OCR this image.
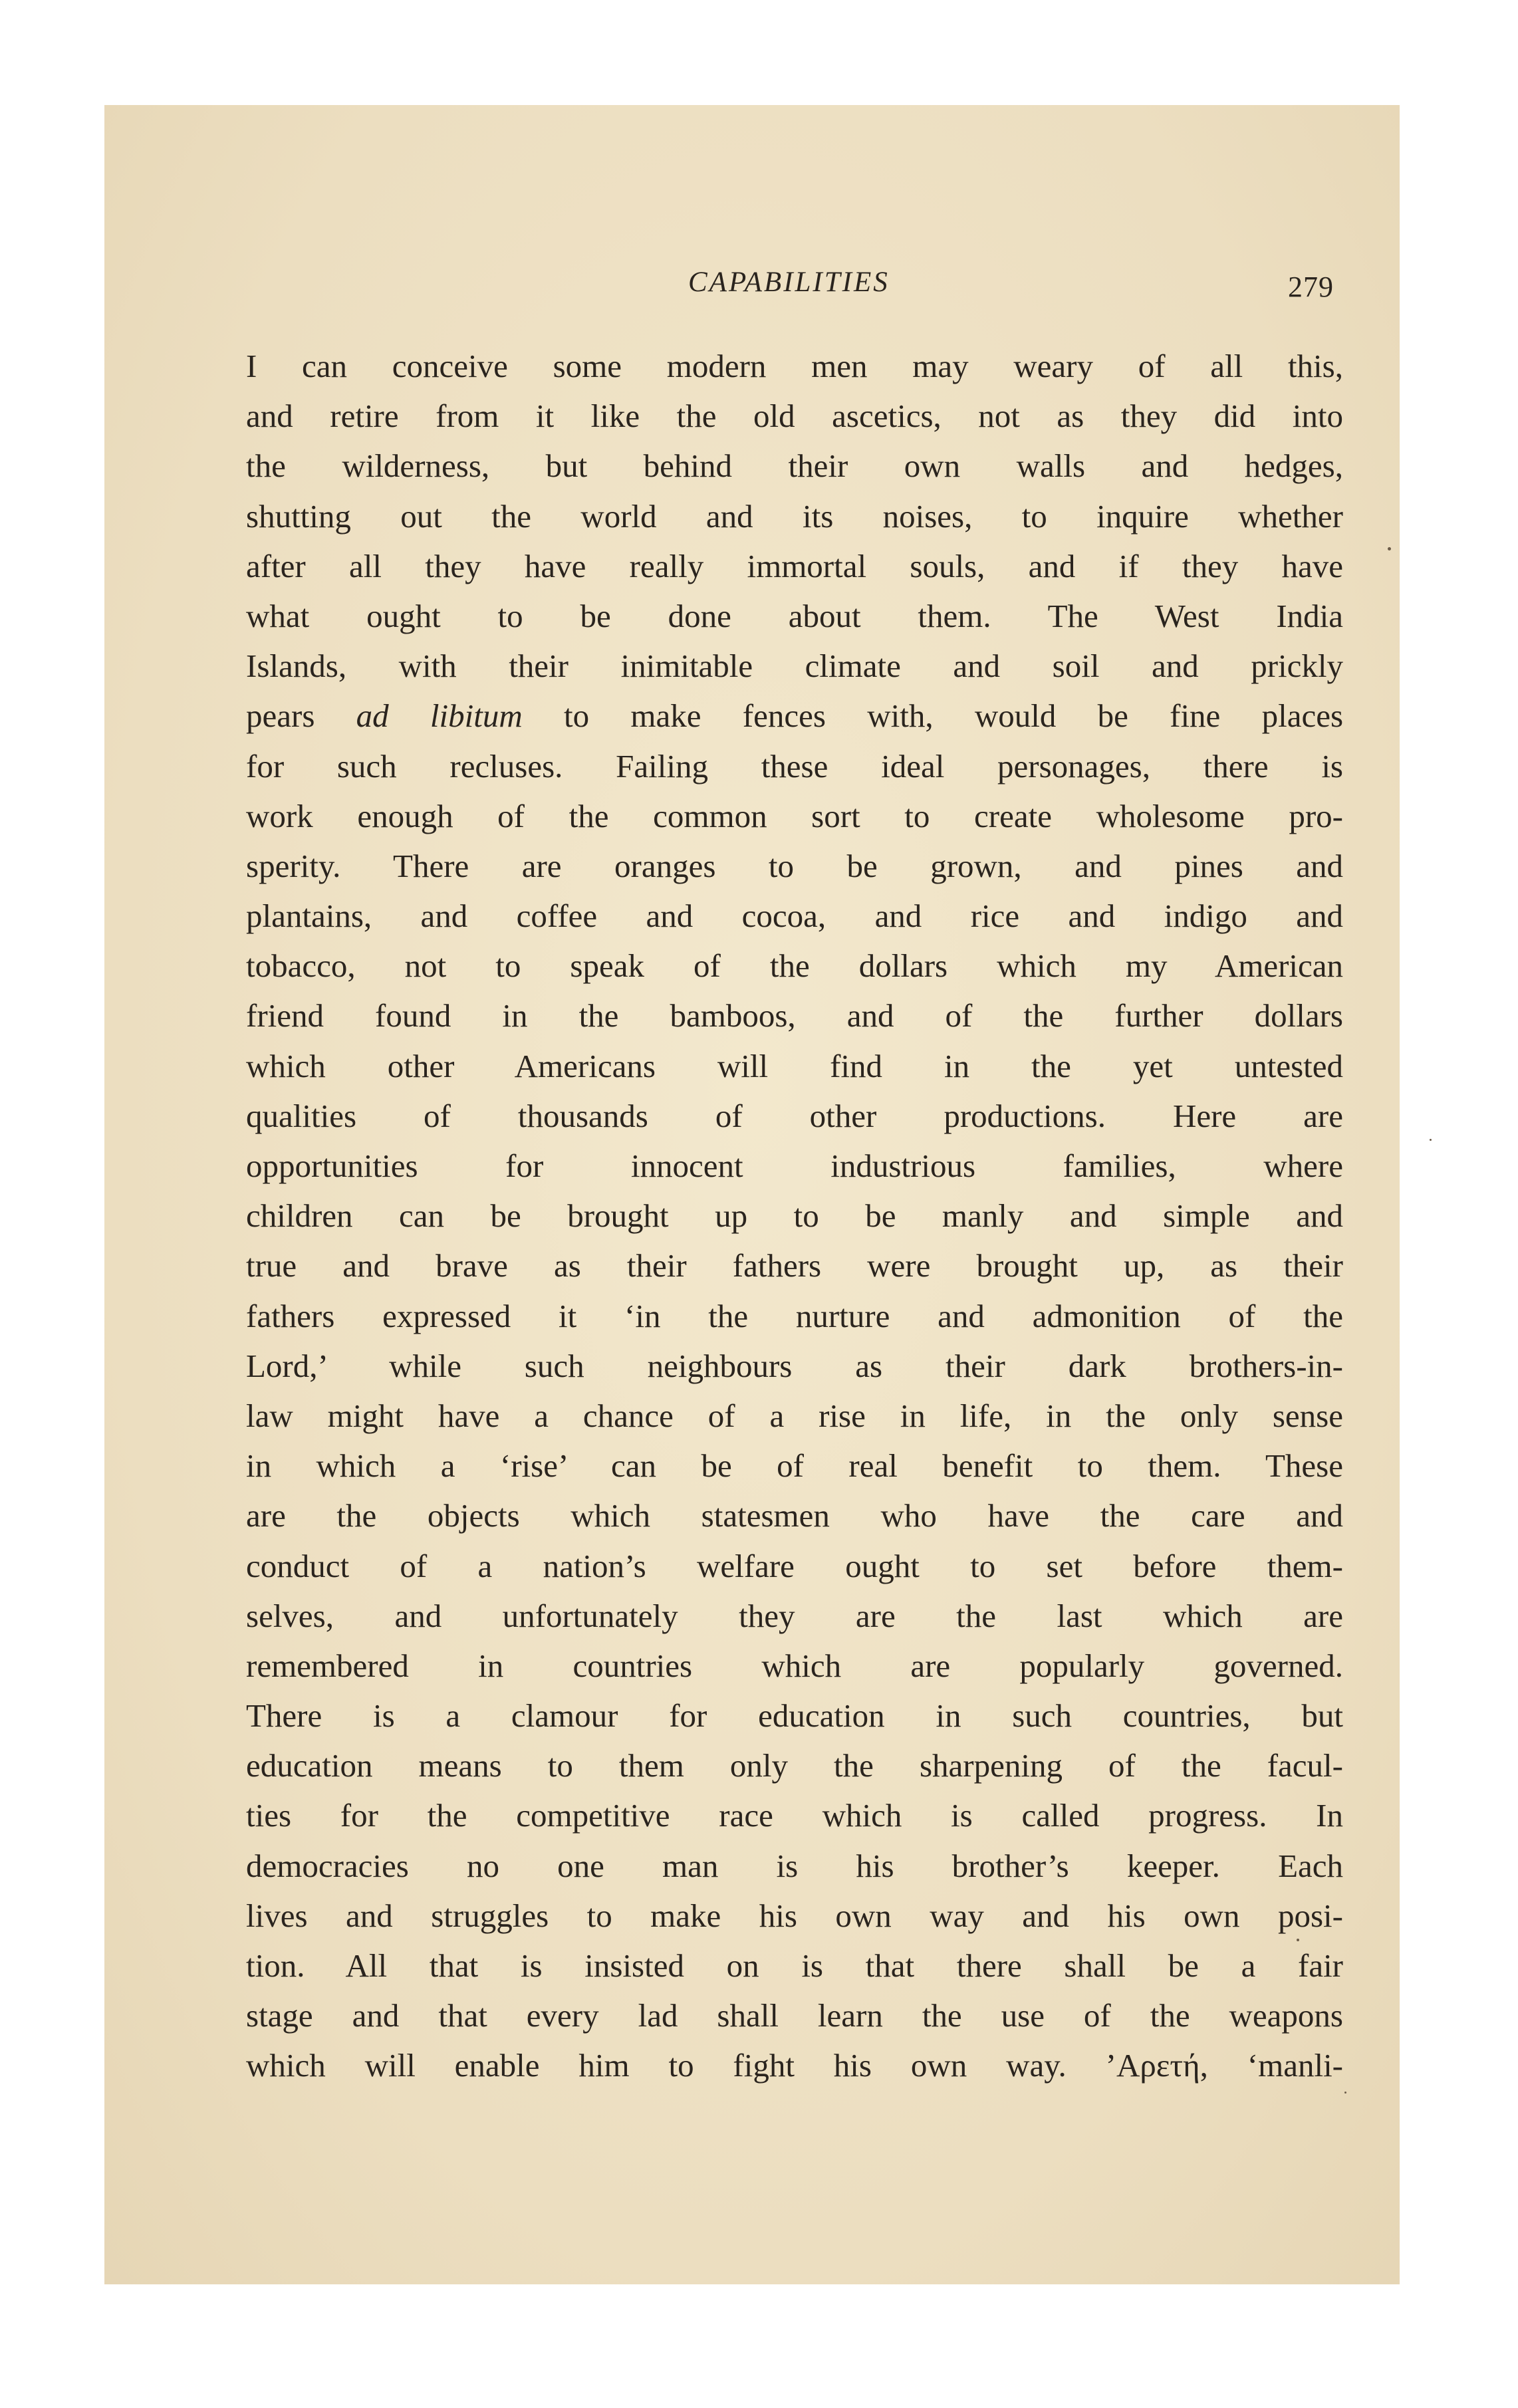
CAPABILITIES	279
I can conceive some modern men may weary of all this,
and retire from it like the old ascetics, not as they did into
the wilderness, but behind their own walls and hedges,
shutting out the world and its noises, to inquire whether
after all they have really immortal souls, and if they have
what ought to be done about them. The West India
Islands, with their inimitable climate and soil and prickly
pears ad libitum to make fences with, would be fine places
for such recluses. Failing these ideal personages, there is
work enough of the common sort to create wholesome pro-
sperity. There are oranges to be grown, and pines and
plantains, and coffee and cocoa, and rice and indigo and
tobacco, not to speak of the dollars which my American
friend found in the bamboos, and of the further dollars
which other Americans will find in the yet untested
qualities of thousands of other productions. Here are
opportunities for innocent industrious families, where
children can be brought up to be manly and simple and
true and brave as their fathers were brought up, as their
fathers expressed it ‘in the nurture and admonition of the
Lord,’ while such neighbours as their dark brothers-in-
law might have a chance of a rise in life, in the only sense
in which a ‘rise’ can be of real benefit to them. These
are the objects which statesmen who have the care and
conduct of a nation’s welfare ought to set before them-
selves, and unfortunately they are the last which are
remembered in countries which are popularly governed.
There is a clamour for education in such countries, but
education means to them only the sharpening of the facul-
ties for the competitive race which is called progress. In
democracies no one man is his brother’s keeper. Each
lives and struggles to make his own way and his own posi-
tion. All that is insisted on is that there shall be a fair
stage and that every lad shall learn the use of the weapons
which will enable him to fight his own way. ’Αρετή, ‘manli-
